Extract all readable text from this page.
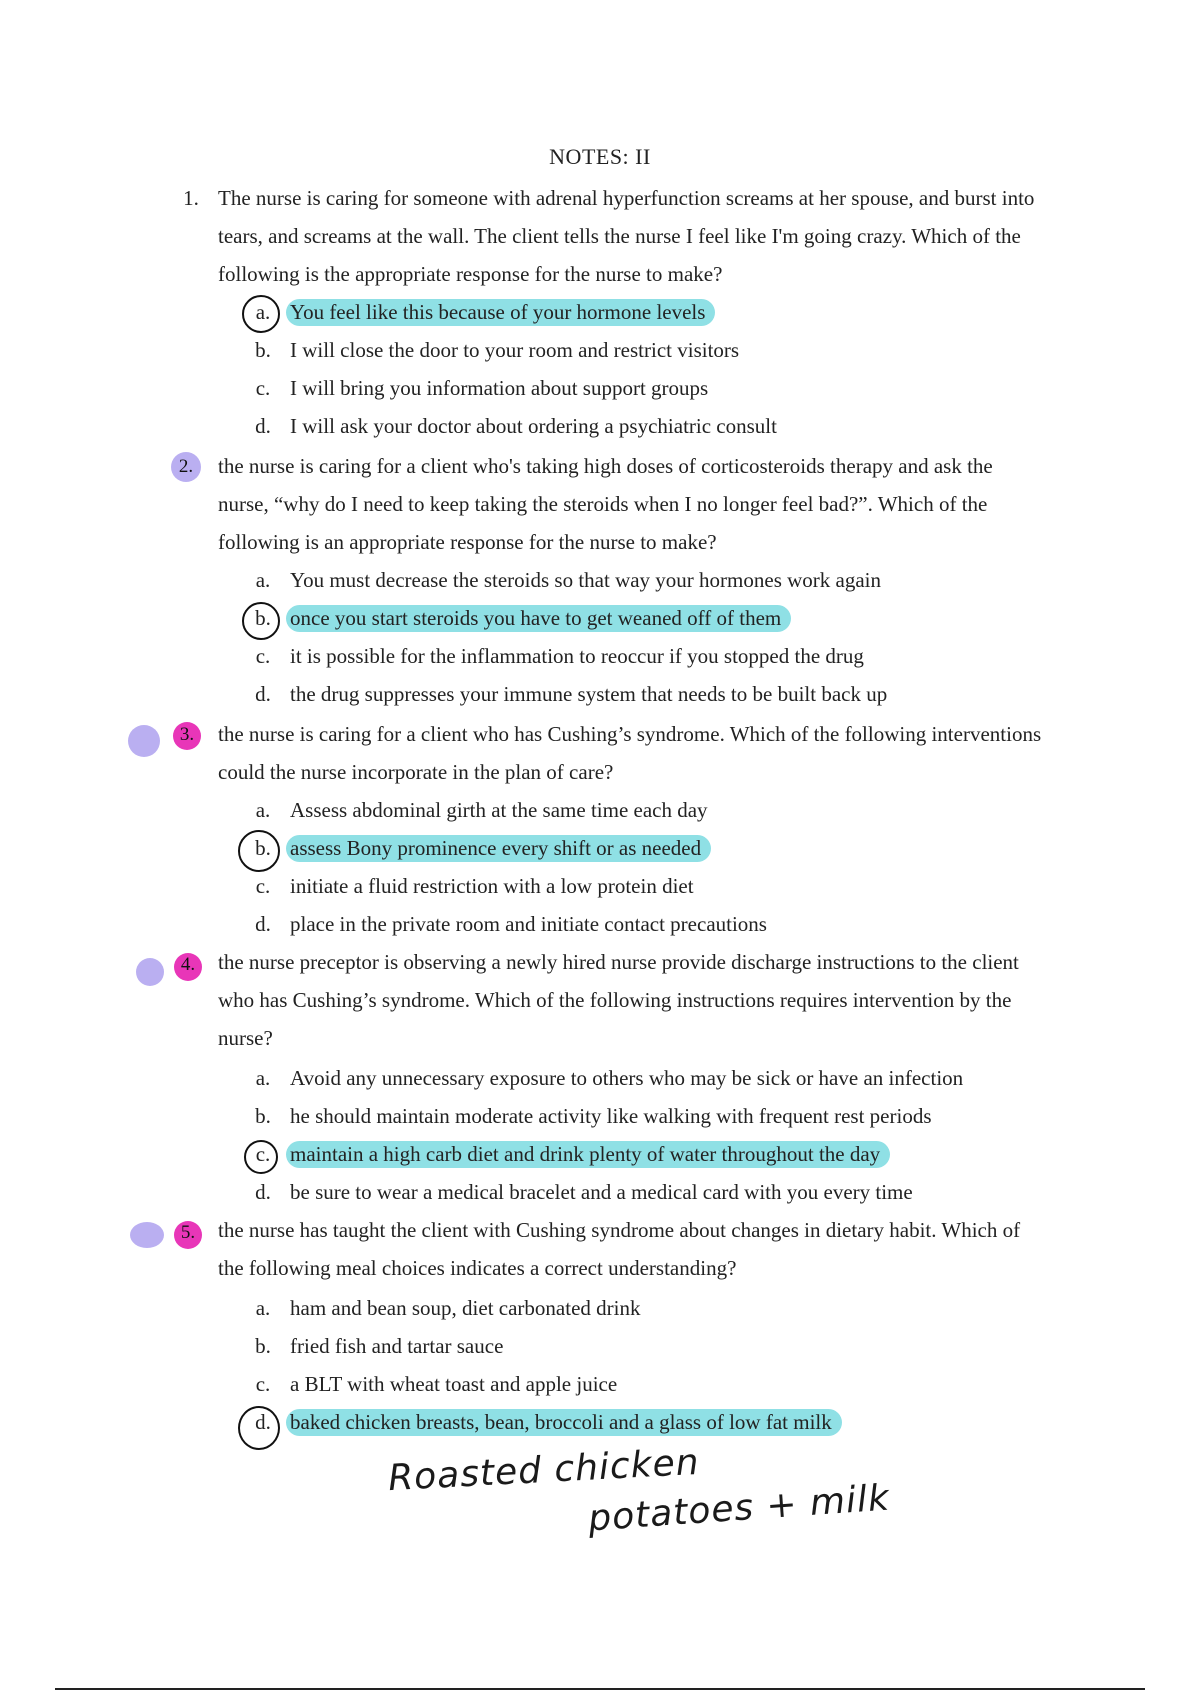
NOTES: II
1. The nurse is caring for someone with adrenal hyperfunction screams at her spouse, and burst into
tears, and screams at the wall. The client tells the nurse I feel like I'm going crazy. Which of the
following is the appropriate response for the nurse to make?
a. You feel like this because of your hormone levels
b. I will close the door to your room and restrict visitors
c. I will bring you information about support groups
d. I will ask your doctor about ordering a psychiatric consult
2.	the nurse is caring for a client who's taking high doses of corticosteroids therapy and ask the
nurse, “why do I need to keep taking the steroids when I no longer feel bad?”. Which of the
following is an appropriate response for the nurse to make?
a. You must decrease the steroids so that way your hormones work again
b. once you start steroids you have to get weaned off of them
c. it is possible for the inflammation to reoccur if you stopped the drug
d. the drug suppresses your immune system that needs to be built back up
3.	the nurse is caring for a client who has Cushing’s syndrome. Which of the following interventions
could the nurse incorporate in the plan of care?
a. Assess abdominal girth at the same time each day
b. assess Bony prominence every shift or as needed
c. initiate a fluid restriction with a low protein diet
d. place in the private room and initiate contact precautions
4.	the nurse preceptor is observing a newly hired nurse provide discharge instructions to the client
who has Cushing’s syndrome. Which of the following instructions requires intervention by the
nurse?
a. Avoid any unnecessary exposure to others who may be sick or have an infection
b. he should maintain moderate activity like walking with frequent rest periods
c. maintain a high carb diet and drink plenty of water throughout the day
d. be sure to wear a medical bracelet and a medical card with you every time
5.	the nurse has taught the client with Cushing syndrome about changes in dietary habit. Which of
the following meal choices indicates a correct understanding?
a. ham and bean soup, diet carbonated drink
b. fried fish and tartar sauce
c. a BLT with wheat toast and apple juice
d. baked chicken breasts, bean, broccoli and a glass of low fat milk
Roasted chicken
potatoes + milk
